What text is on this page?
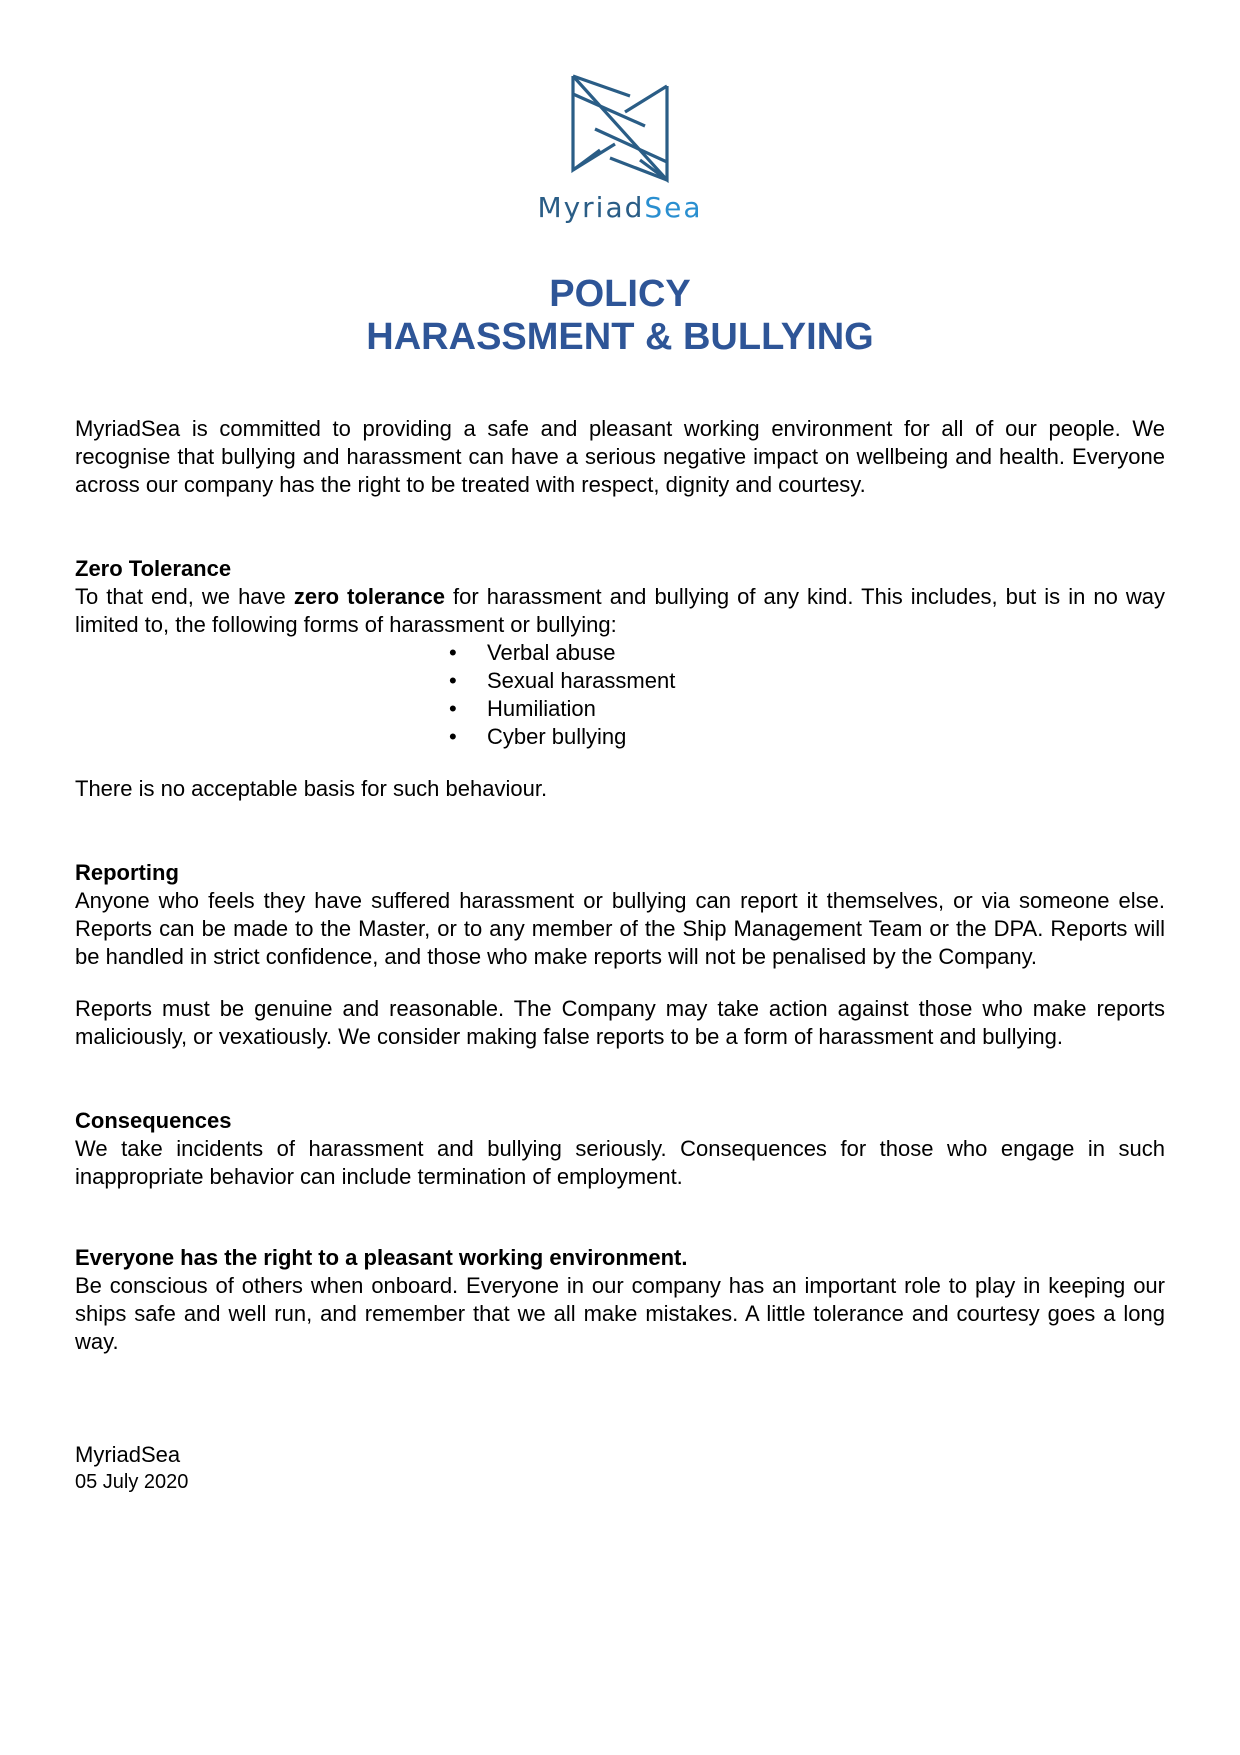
MyriadSea
POLICY
HARASSMENT & BULLYING

MyriadSea is committed to providing a safe and pleasant working environment for all of our people. We recognise that bullying and harassment can have a serious negative impact on wellbeing and health. Everyone across our company has the right to be treated with respect, dignity and courtesy.

Zero Tolerance

To that end, we have zero tolerance for harassment and bullying of any kind. This includes, but is in no way limited to, the following forms of harassment or bullying:

• Verbal abuse
• Sexual harassment
• Humiliation
• Cyber bullying

There is no acceptable basis for such behaviour.

Reporting

Anyone who feels they have suffered harassment or bullying can report it themselves, or via someone else. Reports can be made to the Master, or to any member of the Ship Management Team or the DPA. Reports will be handled in strict confidence, and those who make reports will not be penalised by the Company.

Reports must be genuine and reasonable. The Company may take action against those who make reports maliciously, or vexatiously. We consider making false reports to be a form of harassment and bullying.

Consequences

We take incidents of harassment and bullying seriously. Consequences for those who engage in such inappropriate behavior can include termination of employment.

Everyone has the right to a pleasant working environment.

Be conscious of others when onboard. Everyone in our company has an important role to play in keeping our ships safe and well run, and remember that we all make mistakes. A little tolerance and courtesy goes a long way.

MyriadSea
05 July 2020
